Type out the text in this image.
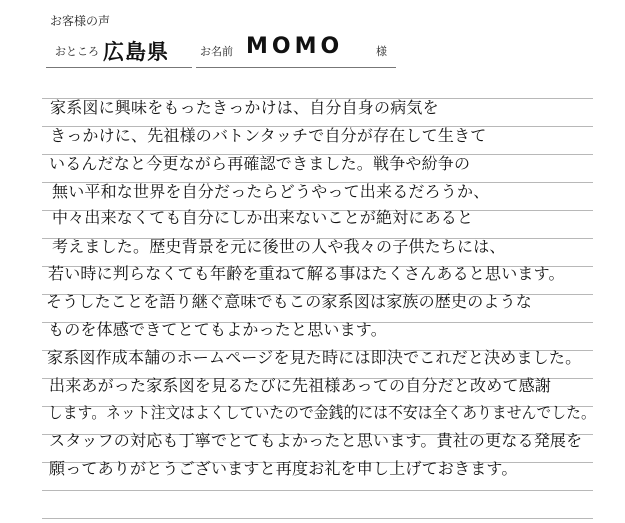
お客様の声
おところ 広島県	お名前 MOMO	様
家系図に興味をもったきっかけは、自分自身の病気を
きっかけに、先祖様のバトンタッチで自分が存在して生きて
いるんだなと今更ながら再確認できました。戦争や紛争の
無い平和な世界を自分だったらどうやって出来るだろうか、
中々出来なくても自分にしか出来ないことが絶対にあると
考えました。歴史背景を元に後世の人や我々の子供たちには、
若い時に判らなくても年齢を重ねて解る事はたくさんあると思います。
そうしたことを語り継ぐ意味でもこの家系図は家族の歴史のような
ものを体感できてとてもよかったと思います。
家系図作成本舗のホームページを見た時には即決でこれだと決めました。
出来あがった家系図を見るたびに先祖様あっての自分だと改めて感謝
します。ネット注文はよくしていたので金銭的には不安は全くありませんでした。
スタッフの対応も丁寧でとてもよかったと思います。貴社の更なる発展を
願ってありがとうございますと再度お礼を申し上げておきます。
